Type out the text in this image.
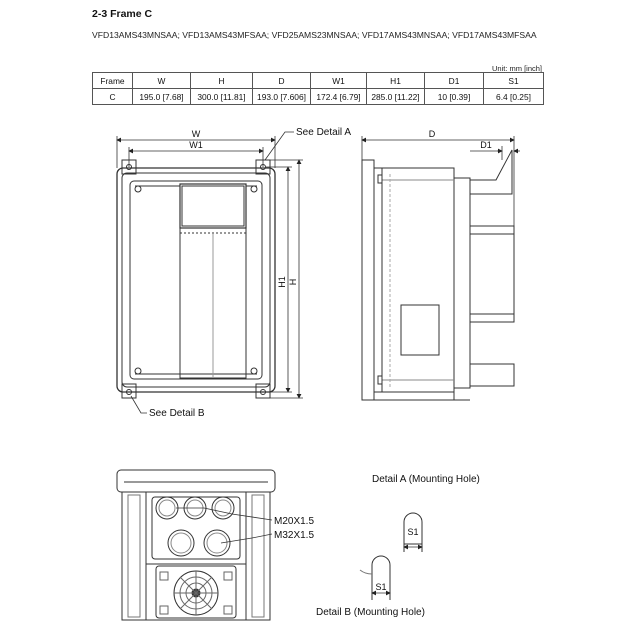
2-3 Frame C
VFD13AMS43MNSAA; VFD13AMS43MFSAA; VFD25AMS23MNSAA; VFD17AMS43MNSAA; VFD17AMS43MFSAA
Unit: mm [inch]
Frame	W	H	D	W1	H1	D1	S1
C	195.0 [7.68]	300.0 [11.81]	193.0 [7.606]	172.4 [6.79]	285.0 [11.22]	10 [0.39]	6.4 [0.25]
W
W1
H
H1
See Detail A
See Detail B
D
D1
M20X1.5
M32X1.5
Detail A (Mounting Hole)
S1
S1
Detail B (Mounting Hole)
